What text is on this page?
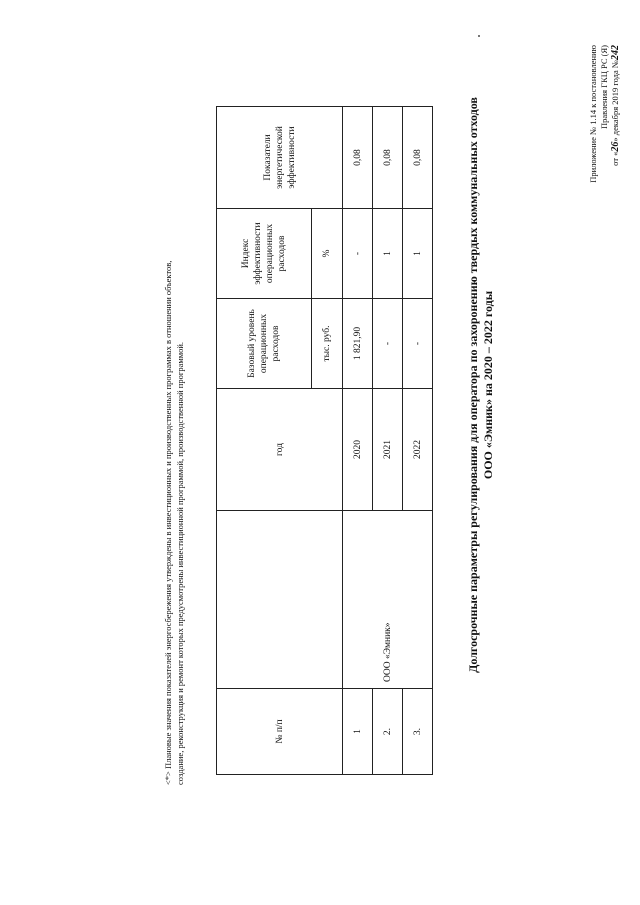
Приложение № 1.14 к постановлению Правления ГКЦ РС (Я)
от «26» декабря 2019 года №242
Долгосрочные параметры регулирования для оператора по захоронению твердых коммунальных отходов ООО «Эмник» на 2020 – 2022 годы
№ п/п		год	Базовый уровень операционных расходов	Индекс эффективности операционных расходов	Показатели энергетической эффективности
			тыс. руб.	%	
1	ООО «Эмник»	2020	1 821,90	-	0,08
2.		2021	-	1	0,08
3.		2022	-	1	0,08
<*> Плановые значения показателей энергосбережения утверждены в инвестиционных и производственных программах в отношении объектов, создание, реконструкция и ремонт которых предусмотрены инвестиционной программой, производственной программой.
